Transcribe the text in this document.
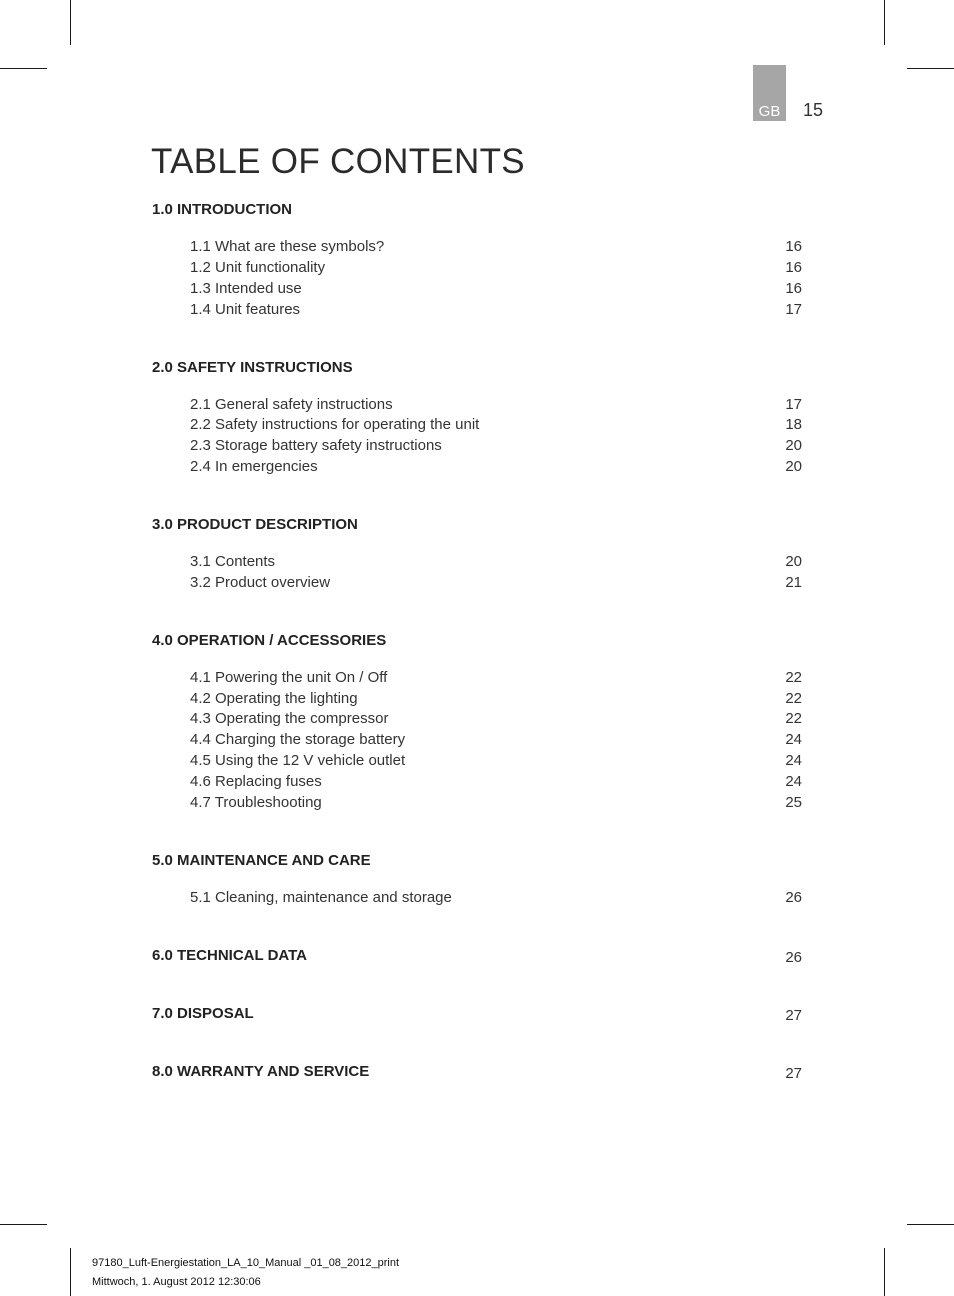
GB 15
TABLE OF CONTENTS
1.0 INTRODUCTION
1.1 What are these symbols?	16
1.2 Unit functionality	16
1.3 Intended use	16
1.4 Unit features	17
2.0 SAFETY INSTRUCTIONS
2.1 General safety instructions	17
2.2 Safety instructions for operating the unit	18
2.3 Storage battery safety instructions	20
2.4 In emergencies	20
3.0 PRODUCT DESCRIPTION
3.1 Contents	20
3.2 Product overview	21
4.0 OPERATION / ACCESSORIES
4.1 Powering the unit On / Off	22
4.2 Operating the lighting	22
4.3 Operating the compressor	22
4.4 Charging the storage battery	24
4.5 Using the 12 V vehicle outlet	24
4.6 Replacing fuses	24
4.7 Troubleshooting	25
5.0 MAINTENANCE AND CARE
5.1 Cleaning, maintenance and storage	26
6.0 TECHNICAL DATA	26
7.0 DISPOSAL	27
8.0 WARRANTY AND SERVICE	27
97180_Luft-Energiestation_LA_10_Manual _01_08_2012_print
Mittwoch, 1. August 2012 12:30:06
